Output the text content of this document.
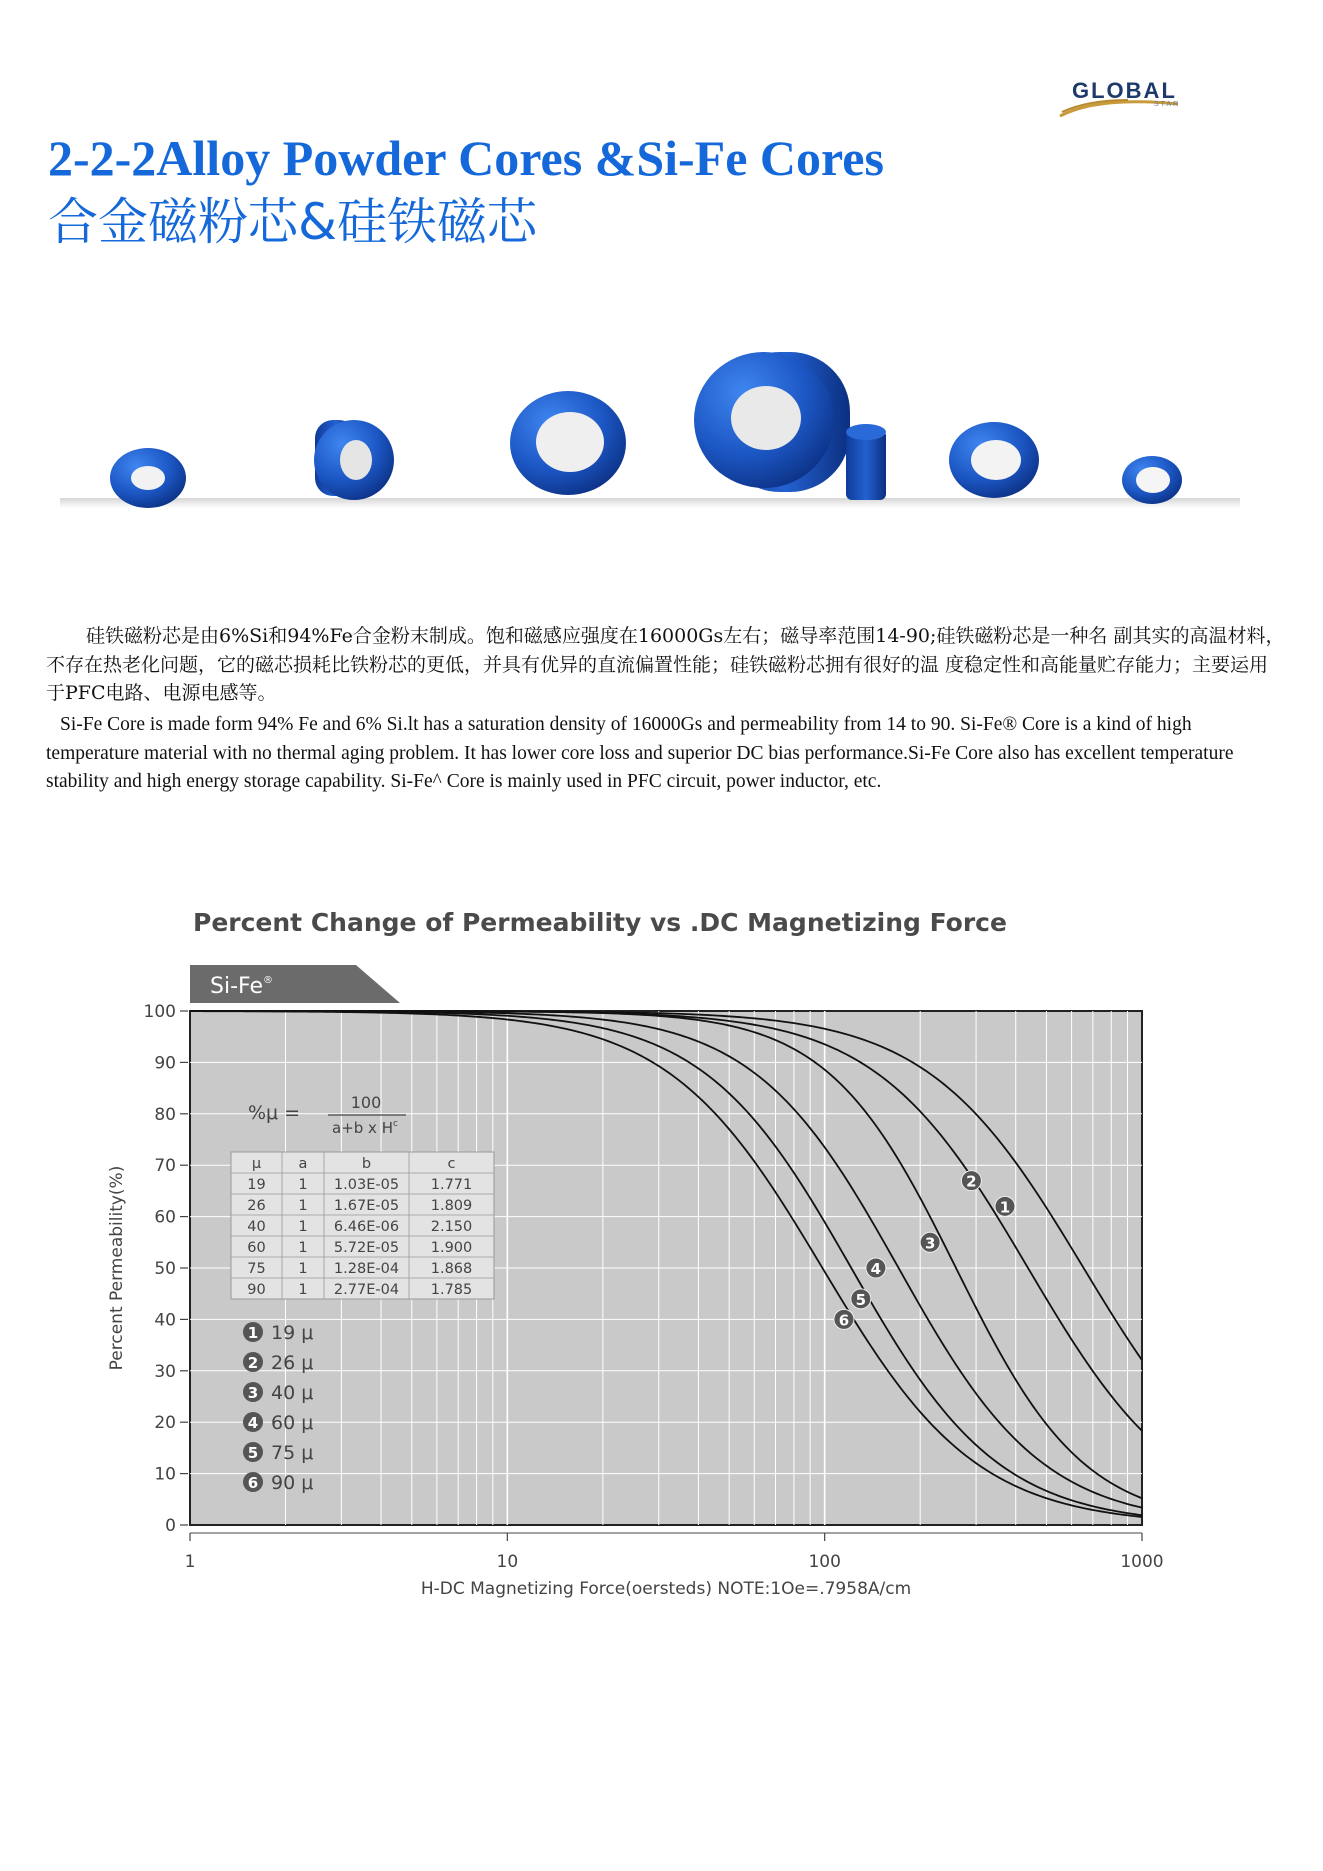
GLOBAL
STAR
2-2-2Alloy Powder Cores &Si-Fe Cores
合金磁粉芯&硅铁磁芯

硅铁磁粉芯是由6%Si和94%Fe合金粉末制成。饱和磁感应强度在16000Gs左右；磁导率范围14-90;硅铁磁粉芯是一种名 副其实的高温材料，不存在热老化问题，它的磁芯损耗比铁粉芯的更低，并具有优异的直流偏置性能；硅铁磁粉芯拥有很好的温 度稳定性和高能量贮存能力；主要运用于PFC电路、电源电感等。

Si-Fe Core is made form 94% Fe and 6% Si.lt has a saturation density of 16000Gs and permeability from 14 to 90. Si-Fe® Core is a kind of high temperature material with no thermal aging problem. It has lower core loss and superior DC bias performance.Si-Fe Core also has excellent temperature stability and high energy storage capability. Si-Fe^ Core is mainly used in PFC circuit, power inductor, etc.

Percent Change of Permeability vs .DC Magnetizing Force
Si-Fe®
0
10
20
30
40
50
60
70
80
90
100
1	10	100	1000
Percent Permeability(%)
H-DC Magnetizing Force(oersteds) NOTE:1Oe=.7958A/cm
1
2
3
4
5
6
%μ =	100
a+b x $H^c$
μ	a	b	c
19 1 1.03E-05 1.771
26 1 1.67E-05 1.809
40 1 6.46E-06 2.150
60 1 5.72E-05 1.900
75 1 1.28E-04 1.868
90 1 2.77E-04 1.785
1 19 μ
2 26 μ
3 40 μ
4 60 μ
5 75 μ
6 90 μ
